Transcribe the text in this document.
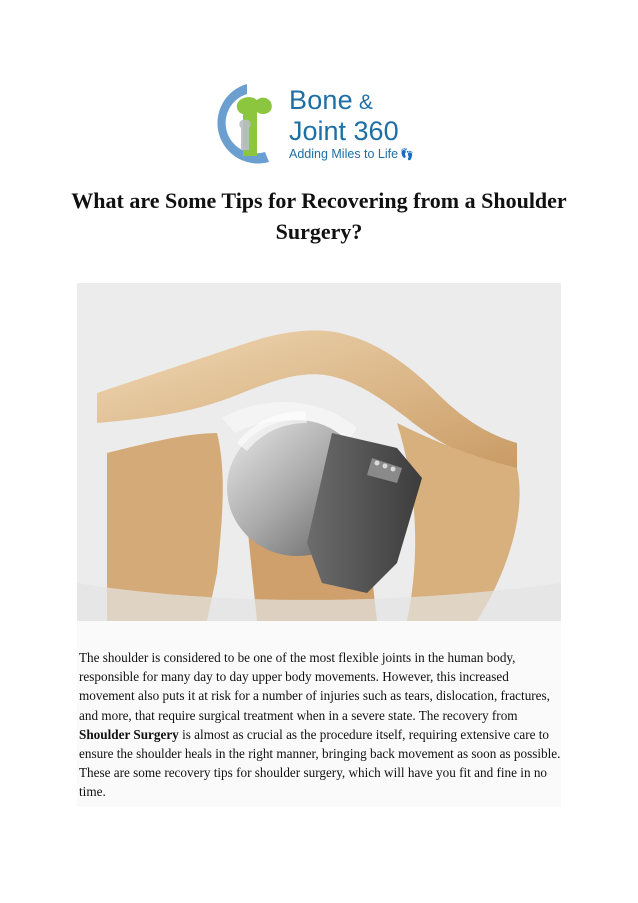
Bone &
Joint 360
Adding Miles to Life 👣
What are Some Tips for Recovering from a Shoulder Surgery?

The shoulder is considered to be one of the most flexible joints in the human body, responsible for many day to day upper body movements. However, this increased movement also puts it at risk for a number of injuries such as tears, dislocation, fractures, and more, that require surgical treatment when in a severe state. The recovery from Shoulder Surgery is almost as crucial as the procedure itself, requiring extensive care to ensure the shoulder heals in the right manner, bringing back movement as soon as possible. These are some recovery tips for shoulder surgery, which will have you fit and fine in no time.
